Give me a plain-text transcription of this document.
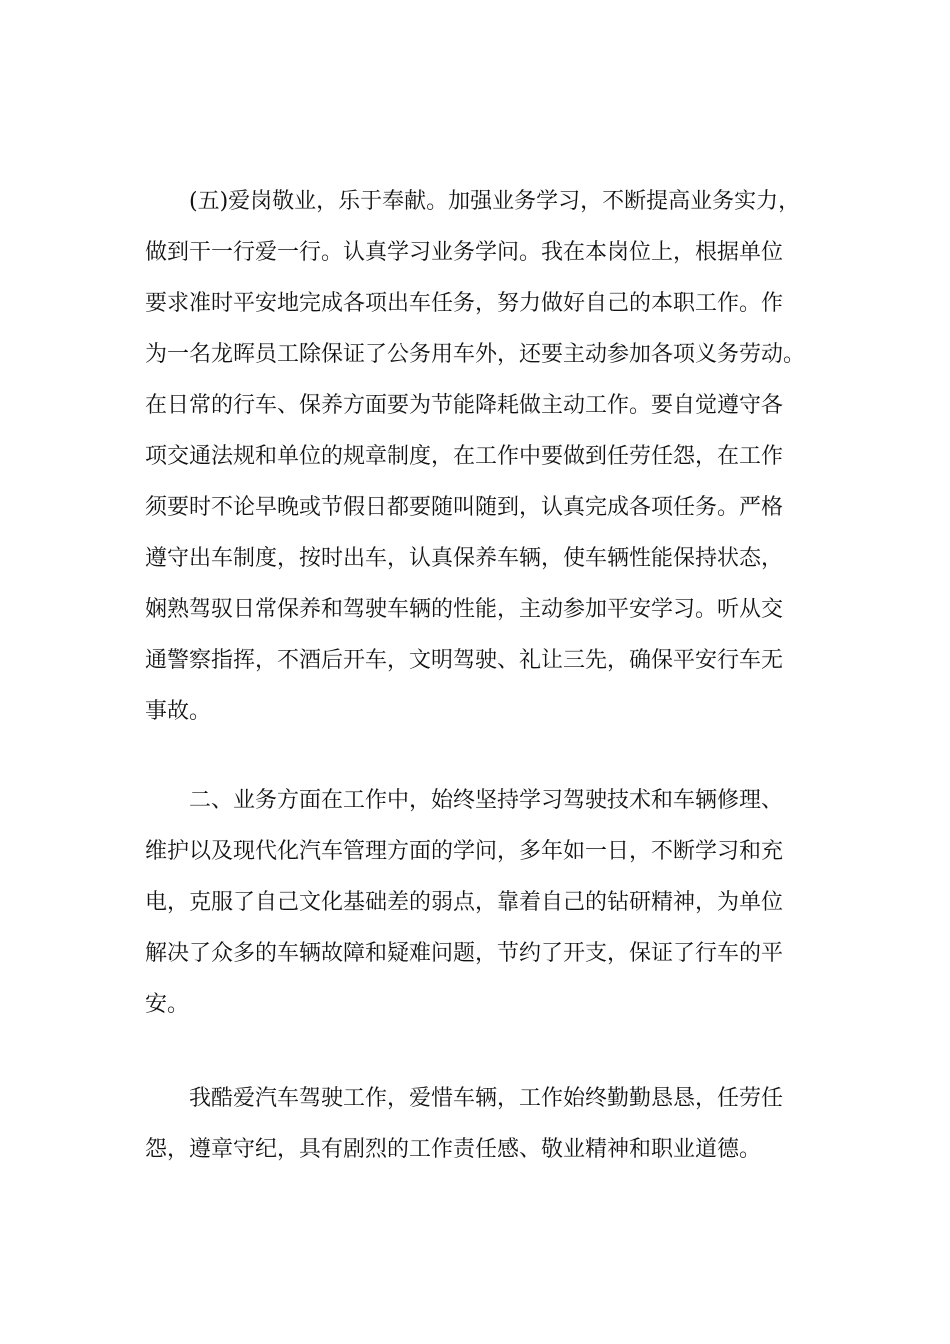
(五)爱岗敬业，乐于奉献。加强业务学习，不断提高业务实力，
做到干一行爱一行。认真学习业务学问。我在本岗位上，根据单位
要求准时平安地完成各项出车任务，努力做好自己的本职工作。作
为一名龙晖员工除保证了公务用车外，还要主动参加各项义务劳动。
在日常的行车、保养方面要为节能降耗做主动工作。要自觉遵守各
项交通法规和单位的规章制度，在工作中要做到任劳任怨，在工作
须要时不论早晚或节假日都要随叫随到，认真完成各项任务。严格
遵守出车制度，按时出车，认真保养车辆，使车辆性能保持状态，
娴熟驾驭日常保养和驾驶车辆的性能，主动参加平安学习。听从交
通警察指挥，不酒后开车，文明驾驶、礼让三先，确保平安行车无
事故。
二、业务方面在工作中，始终坚持学习驾驶技术和车辆修理、
维护以及现代化汽车管理方面的学问，多年如一日，不断学习和充
电，克服了自己文化基础差的弱点，靠着自己的钻研精神，为单位
解决了众多的车辆故障和疑难问题，节约了开支，保证了行车的平
安。
我酷爱汽车驾驶工作，爱惜车辆，工作始终勤勤恳恳，任劳任
怨，遵章守纪，具有剧烈的工作责任感、敬业精神和职业道德。
